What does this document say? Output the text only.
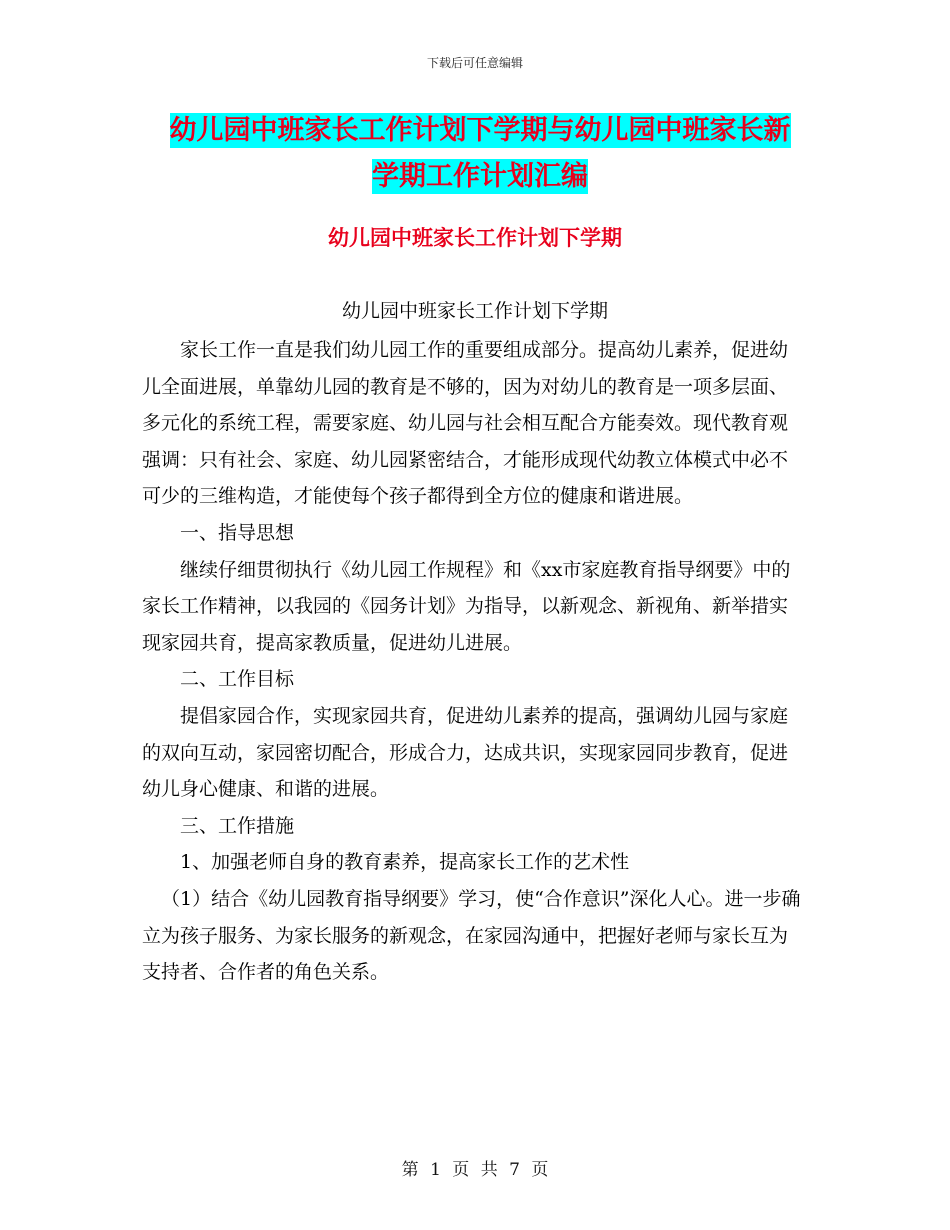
下载后可任意编辑
幼儿园中班家长工作计划下学期与幼儿园中班家长新
学期工作计划汇编
幼儿园中班家长工作计划下学期

幼儿园中班家长工作计划下学期

家长工作一直是我们幼儿园工作的重要组成部分。提高幼儿素养，促进幼儿全面进展，单靠幼儿园的教育是不够的，因为对幼儿的教育是一项多层面、多元化的系统工程，需要家庭、幼儿园与社会相互配合方能奏效。现代教育观强调：只有社会、家庭、幼儿园紧密结合，才能形成现代幼教立体模式中必不可少的三维构造，才能使每个孩子都得到全方位的健康和谐进展。

一、指导思想

继续仔细贯彻执行《幼儿园工作规程》和《xx市家庭教育指导纲要》中的家长工作精神，以我园的《园务计划》为指导，以新观念、新视角、新举措实现家园共育，提高家教质量，促进幼儿进展。

二、工作目标

提倡家园合作，实现家园共育，促进幼儿素养的提高，强调幼儿园与家庭的双向互动，家园密切配合，形成合力，达成共识，实现家园同步教育，促进幼儿身心健康、和谐的进展。

三、工作措施

1、加强老师自身的教育素养，提高家长工作的艺术性

（1）结合《幼儿园教育指导纲要》学习，使“合作意识”深化人心。进一步确立为孩子服务、为家长服务的新观念，在家园沟通中，把握好老师与家长互为支持者、合作者的角色关系。

第 1 页 共 7 页
